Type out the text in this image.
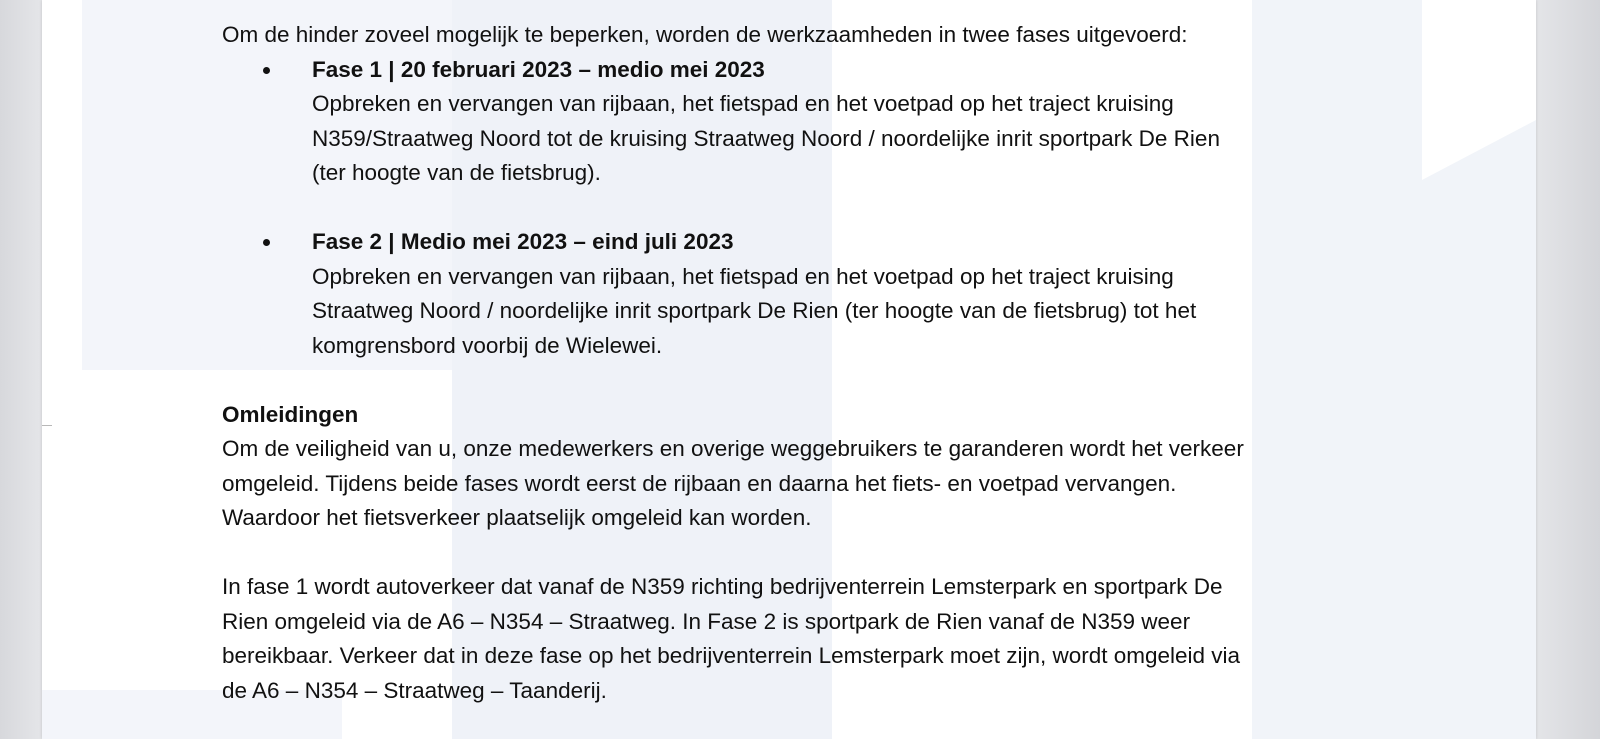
Om de hinder zoveel mogelijk te beperken, worden de werkzaamheden in twee fases uitgevoerd:

Fase 1 | 20 februari 2023 – medio mei 2023

Opbreken en vervangen van rijbaan, het fietspad en het voetpad op het traject kruising

N359/Straatweg Noord tot de kruising Straatweg Noord / noordelijke inrit sportpark De Rien

(ter hoogte van de fietsbrug).

Fase 2 | Medio mei 2023 – eind juli 2023

Opbreken en vervangen van rijbaan, het fietspad en het voetpad op het traject kruising

Straatweg Noord / noordelijke inrit sportpark De Rien (ter hoogte van de fietsbrug) tot het

komgrensbord voorbij de Wielewei.

Omleidingen

Om de veiligheid van u, onze medewerkers en overige weggebruikers te garanderen wordt het verkeer

omgeleid. Tijdens beide fases wordt eerst de rijbaan en daarna het fiets- en voetpad vervangen.

Waardoor het fietsverkeer plaatselijk omgeleid kan worden.

In fase 1 wordt autoverkeer dat vanaf de N359 richting bedrijventerrein Lemsterpark en sportpark De

Rien omgeleid via de A6 – N354 – Straatweg. In Fase 2 is sportpark de Rien vanaf de N359 weer

bereikbaar. Verkeer dat in deze fase op het bedrijventerrein Lemsterpark moet zijn, wordt omgeleid via

de A6 – N354 – Straatweg – Taanderij.
